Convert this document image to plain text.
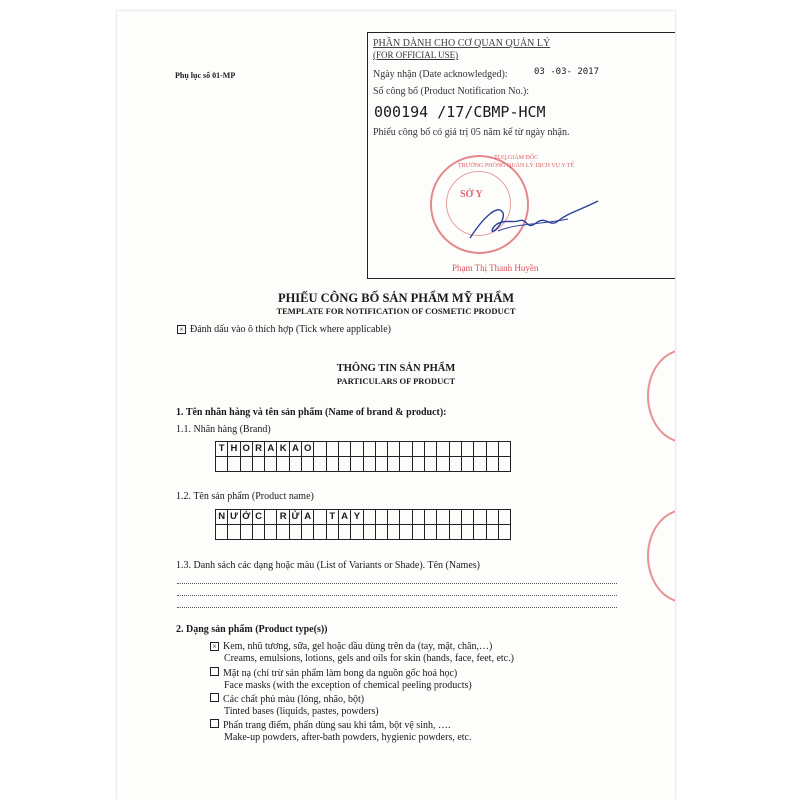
Phụ lục số 01-MP
PHẦN DÀNH CHO CƠ QUAN QUẢN LÝ
(FOR OFFICIAL USE)
Ngày nhận (Date acknowledged):	03 -03- 2017
Số công bố (Product Notification No.):
000194 /17/CBMP-HCM
Phiếu công bố có giá trị 05 năm kể từ ngày nhận.
TUQ.GIÁM ĐỐC
TRƯỞNG PHÒNG QUẢN LÝ DỊCH VỤ Y TẾ
SỞ Y
Phạm Thị Thanh Huyền
PHIẾU CÔNG BỐ SẢN PHẨM MỸ PHẨM
TEMPLATE FOR NOTIFICATION OF COSMETIC PRODUCT
× Đánh dấu vào ô thích hợp (Tick where applicable)
THÔNG TIN SẢN PHẨM
PARTICULARS OF PRODUCT
1. Tên nhãn hàng và tên sản phẩm (Name of brand & product):
1.1. Nhãn hàng (Brand)
T H O R A K A O
1.2. Tên sản phẩm (Product name)
N Ư Ớ C	R Ử A	T A Y
1.3. Danh sách các dạng hoặc màu (List of Variants or Shade). Tên (Names)
2. Dạng sản phẩm (Product type(s))
× Kem, nhũ tương, sữa, gel hoặc dầu dùng trên da (tay, mặt, chân,…)
Creams, emulsions, lotions, gels and oils for skin (hands, face, feet, etc.)
Mặt nạ (chỉ trừ sản phẩm làm bong da nguồn gốc hoá học)
Face masks (with the exception of chemical peeling products)
Các chất phủ màu (lỏng, nhão, bột)
Tinted bases (liquids, pastes, powders)
Phấn trang điểm, phấn dùng sau khi tắm, bột vệ sinh, ….
Make-up powders, after-bath powders, hygienic powders, etc.
